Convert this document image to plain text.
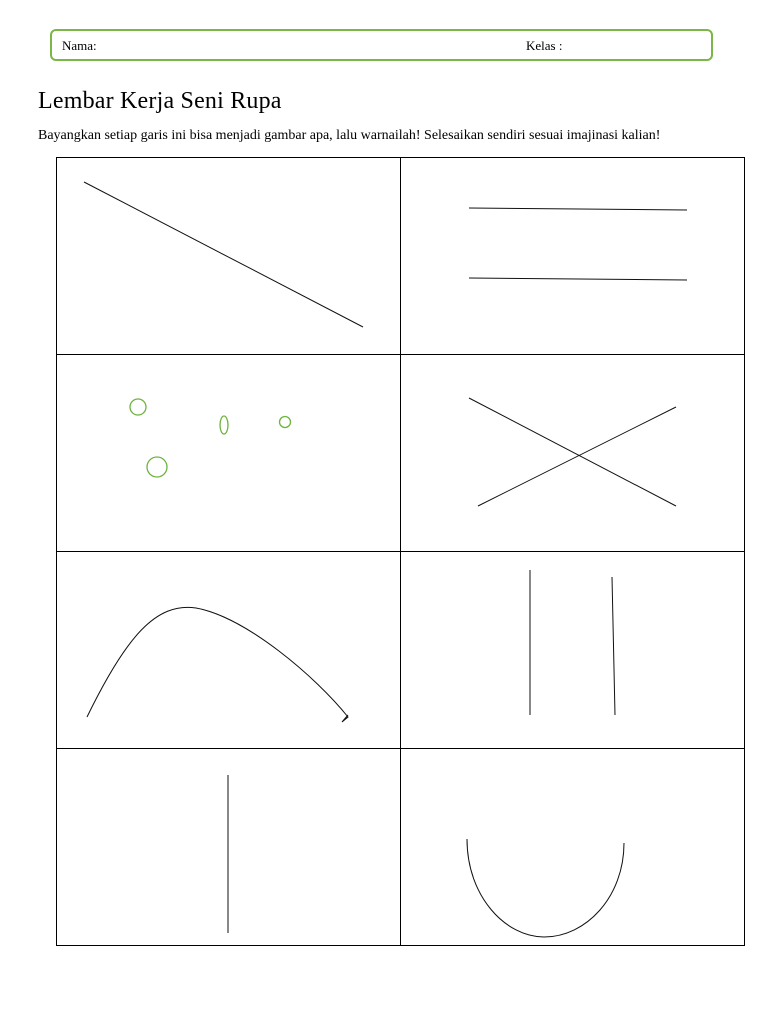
Nama:	Kelas :
Lembar Kerja Seni Rupa

Bayangkan setiap garis ini bisa menjadi gambar apa, lalu warnailah! Selesaikan sendiri sesuai imajinasi kalian!
